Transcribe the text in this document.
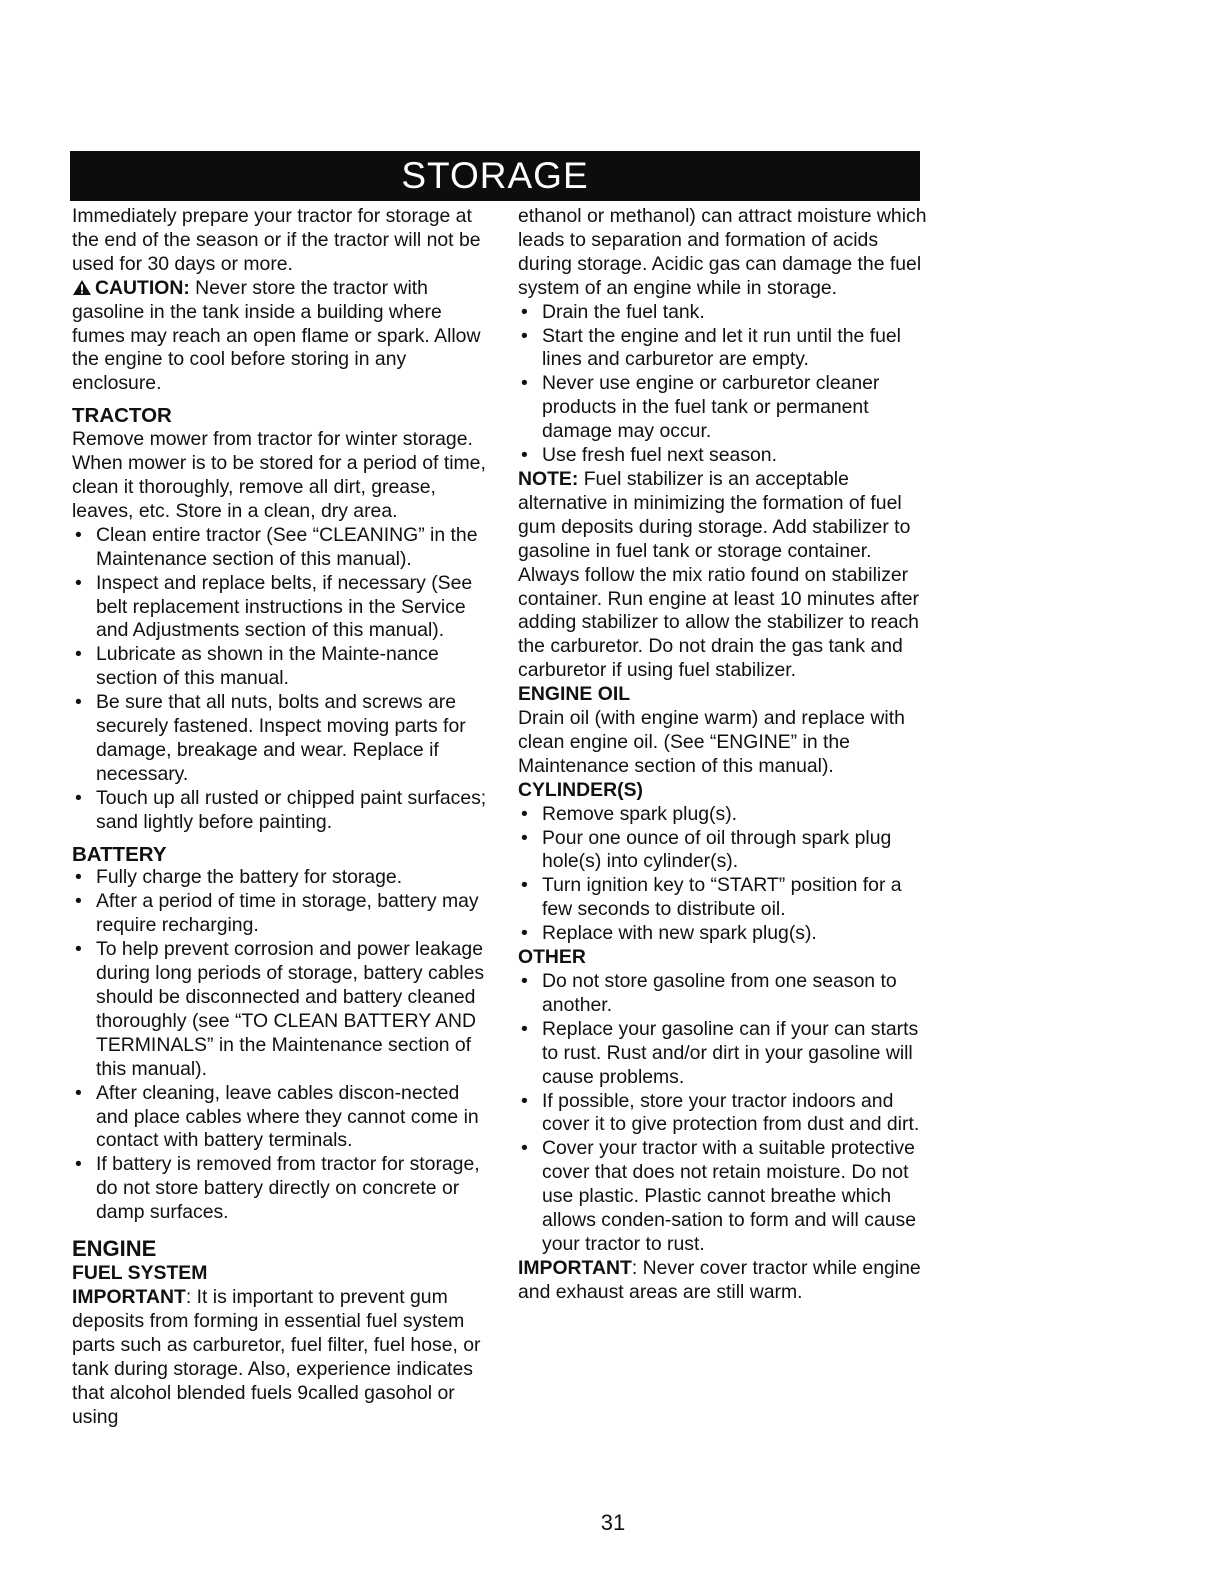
STORAGE

Immediately prepare your tractor for storage at the end of the season or if the tractor will not be used for 30 days or more.

CAUTION: Never store the tractor with gasoline in the tank inside a building where fumes may reach an open flame or spark. Allow the engine to cool before storing in any enclosure.

TRACTOR

Remove mower from tractor for winter storage. When mower is to be stored for a period of time, clean it thoroughly, remove all dirt, grease, leaves, etc. Store in a clean, dry area.

• Clean entire tractor (See “CLEANING” in the Maintenance section of this manual).
• Inspect and replace belts, if necessary (See belt replacement instructions in the Service and Adjustments section of this manual).
• Lubricate as shown in the Mainte-nance section of this manual.
• Be sure that all nuts, bolts and screws are securely fastened. Inspect moving parts for damage, breakage and wear. Replace if necessary.
• Touch up all rusted or chipped paint surfaces; sand lightly before painting.

BATTERY

• Fully charge the battery for storage.
• After a period of time in storage, battery may require recharging.
• To help prevent corrosion and power leakage during long periods of storage, battery cables should be disconnected and battery cleaned thoroughly (see “TO CLEAN BATTERY AND TERMINALS” in the Maintenance section of this manual).
• After cleaning, leave cables discon-nected and place cables where they cannot come in contact with battery terminals.
• If battery is removed from tractor for storage, do not store battery directly on concrete or damp surfaces.

ENGINE

FUEL SYSTEM

IMPORTANT: It is important to prevent gum deposits from forming in essential fuel system parts such as carburetor, fuel filter, fuel hose, or tank during storage. Also, experience indicates that alcohol blended fuels 9called gasohol or using

ethanol or methanol) can attract moisture which leads to separation and formation of acids during storage. Acidic gas can damage the fuel system of an engine while in storage.

• Drain the fuel tank.
• Start the engine and let it run until the fuel lines and carburetor are empty.
• Never use engine or carburetor cleaner products in the fuel tank or permanent damage may occur.
• Use fresh fuel next season.

NOTE: Fuel stabilizer is an acceptable alternative in minimizing the formation of fuel gum deposits during storage. Add stabilizer to gasoline in fuel tank or storage container. Always follow the mix ratio found on stabilizer container. Run engine at least 10 minutes after adding stabilizer to allow the stabilizer to reach the carburetor. Do not drain the gas tank and carburetor if using fuel stabilizer.

ENGINE OIL

Drain oil (with engine warm) and replace with clean engine oil. (See “ENGINE” in the Maintenance section of this manual).

CYLINDER(S)

• Remove spark plug(s).
• Pour one ounce of oil through spark plug hole(s) into cylinder(s).
• Turn ignition key to “START” position for a few seconds to distribute oil.
• Replace with new spark plug(s).

OTHER

• Do not store gasoline from one season to another.
• Replace your gasoline can if your can starts to rust. Rust and/or dirt in your gasoline will cause problems.
• If possible, store your tractor indoors and cover it to give protection from dust and dirt.
• Cover your tractor with a suitable protective cover that does not retain moisture. Do not use plastic. Plastic cannot breathe which allows conden-sation to form and will cause your tractor to rust.

IMPORTANT: Never cover tractor while engine and exhaust areas are still warm.

31
